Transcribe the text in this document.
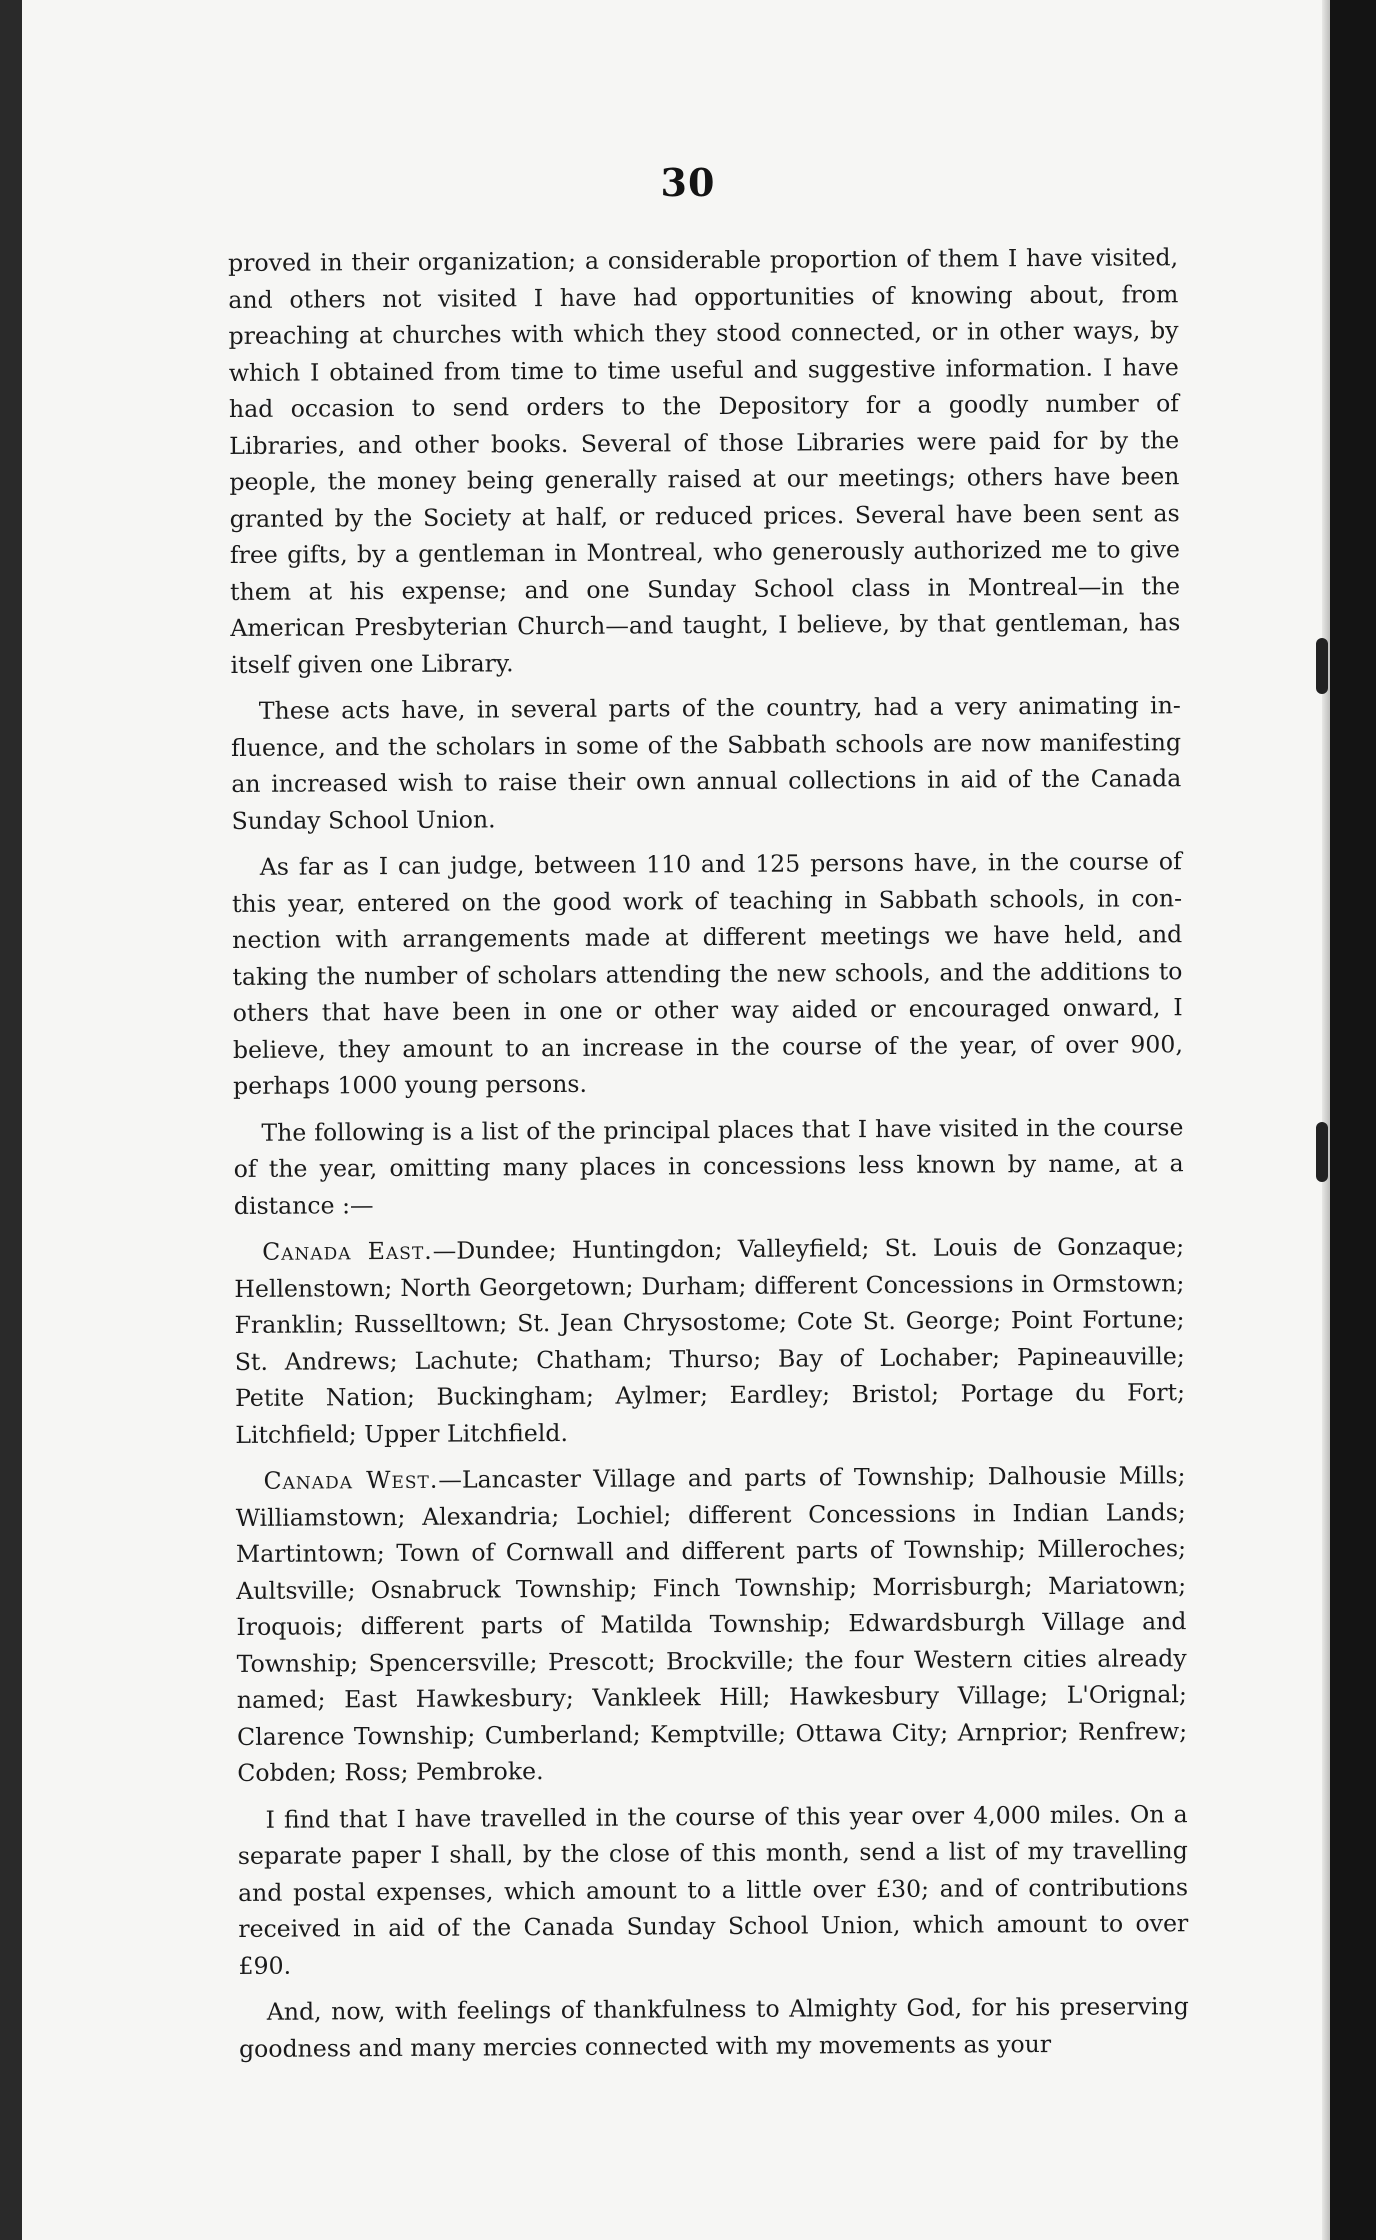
30

proved in their organization; a considerable proportion of them I have visited, and others not visited I have had opportunities of knowing about, from preaching at churches with which they stood connected, or in other ways, by which I obtained from time to time useful and suggestive information. I have had occasion to send orders to the Depository for a goodly number of Libraries, and other books. Several of those Libraries were paid for by the people, the money being generally raised at our meetings; others have been granted by the Society at half, or reduced prices. Several have been sent as free gifts, by a gentleman in Montreal, who generously authorized me to give them at his expense; and one Sunday School class in Montreal—in the American Presbyterian Church—and taught, I believe, by that gentleman, has itself given one Library.

These acts have, in several parts of the country, had a very animating influence, and the scholars in some of the Sabbath schools are now manifesting an increased wish to raise their own annual collections in aid of the Canada Sunday School Union.

As far as I can judge, between 110 and 125 persons have, in the course of this year, entered on the good work of teaching in Sabbath schools, in connection with arrangements made at different meetings we have held, and taking the number of scholars attending the new schools, and the additions to others that have been in one or other way aided or encouraged onward, I believe, they amount to an increase in the course of the year, of over 900, perhaps 1000 young persons.

The following is a list of the principal places that I have visited in the course of the year, omitting many places in concessions less known by name, at a distance :—

Canada East.—Dundee; Huntingdon; Valleyfield; St. Louis de Gonzaque; Hellenstown; North Georgetown; Durham; different Concessions in Ormstown; Franklin; Russelltown; St. Jean Chrysostome; Cote St. George; Point Fortune; St. Andrews; Lachute; Chatham; Thurso; Bay of Lochaber; Papineauville; Petite Nation; Buckingham; Aylmer; Eardley; Bristol; Portage du Fort; Litchfield; Upper Litchfield.

Canada West.—Lancaster Village and parts of Township; Dalhousie Mills; Williamstown; Alexandria; Lochiel; different Concessions in Indian Lands; Martintown; Town of Cornwall and different parts of Township; Milleroches; Aultsville; Osnabruck Township; Finch Township; Morrisburgh; Mariatown; Iroquois; different parts of Matilda Township; Edwardsburgh Village and Township; Spencersville; Prescott; Brockville; the four Western cities already named; East Hawkesbury; Vankleek Hill; Hawkesbury Village; L'Orignal; Clarence Township; Cumberland; Kemptville; Ottawa City; Arnprior; Renfrew; Cobden; Ross; Pembroke.

I find that I have travelled in the course of this year over 4,000 miles. On a separate paper I shall, by the close of this month, send a list of my travelling and postal expenses, which amount to a little over £30; and of contributions received in aid of the Canada Sunday School Union, which amount to over £90.

And, now, with feelings of thankfulness to Almighty God, for his preserving goodness and many mercies connected with my movements as your
